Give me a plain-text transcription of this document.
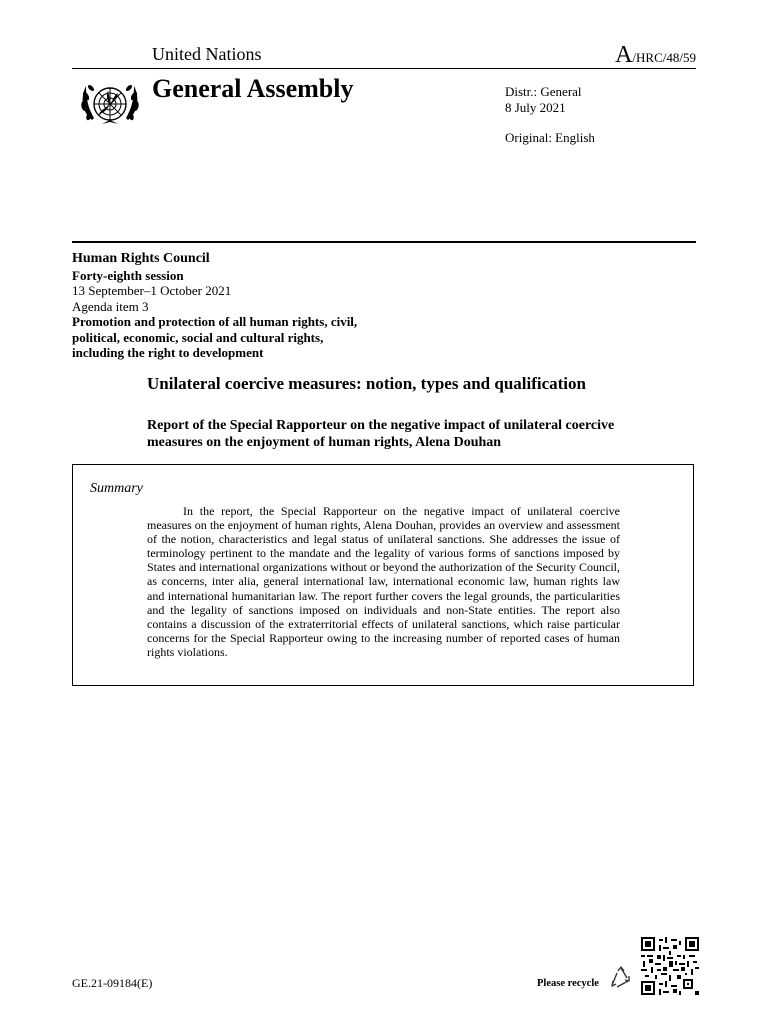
United Nations	A/HRC/48/59
General Assembly	Distr.: General
8 July 2021
Original: English
Human Rights Council
Forty-eighth session
13 September–1 October 2021
Agenda item 3
Promotion and protection of all human rights, civil, political, economic, social and cultural rights, including the right to development
Unilateral coercive measures: notion, types and qualification
Report of the Special Rapporteur on the negative impact of unilateral coercive measures on the enjoyment of human rights, Alena Douhan
Summary
In the report, the Special Rapporteur on the negative impact of unilateral coercive measures on the enjoyment of human rights, Alena Douhan, provides an overview and assessment of the notion, characteristics and legal status of unilateral sanctions. She addresses the issue of terminology pertinent to the mandate and the legality of various forms of sanctions imposed by States and international organizations without or beyond the authorization of the Security Council, as concerns, inter alia, general international law, international economic law, human rights law and international humanitarian law. The report further covers the legal grounds, the particularities and the legality of sanctions imposed on individuals and non-State entities. The report also contains a discussion of the extraterritorial effects of unilateral sanctions, which raise particular concerns for the Special Rapporteur owing to the increasing number of reported cases of human rights violations.
GE.21-09184(E)	Please recycle
